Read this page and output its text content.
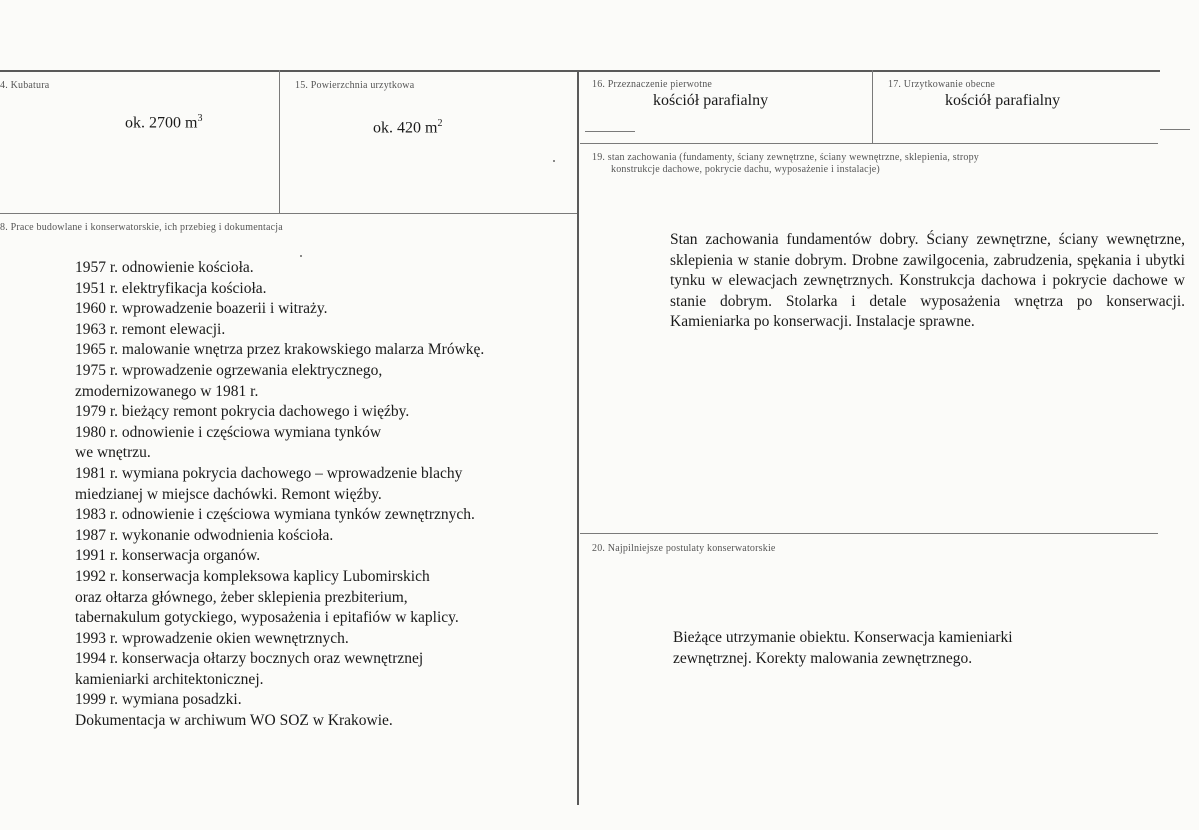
4. Kubatura
ok. 2700 $m^3$
15. Powierzchnia urzytkowa
ok. 420 $m^2$
16. Przeznaczenie pierwotne
kościół parafialny
17. Urzytkowanie obecne
kościół parafialny
19. stan zachowania (fundamenty, ściany zewnętrzne, ściany wewnętrzne, sklepienia, stropy
konstrukcje dachowe, pokrycie dachu, wyposażenie i instalacje)
Stan zachowania fundamentów dobry. Ściany zewnętrzne, ściany wewnętrzne, sklepienia w stanie dobrym. Drobne zawilgocenia, zabrudzenia, spękania i ubytki tynku w elewacjach zewnętrznych. Konstrukcja dachowa i pokrycie dachowe w stanie dobrym. Stolarka i detale wyposażenia wnętrza po konserwacji. Kamieniarka po konserwacji. Instalacje sprawne.
8. Prace budowlane i konserwatorskie, ich przebieg i dokumentacja
1957 r. odnowienie kościoła.
1951 r. elektryfikacja kościoła.
1960 r. wprowadzenie boazerii i witraży.
1963 r. remont elewacji.
1965 r. malowanie wnętrza przez krakowskiego malarza Mrówkę.
1975 r. wprowadzenie ogrzewania elektrycznego,
zmodernizowanego w 1981 r.
1979 r. bieżący remont pokrycia dachowego i więźby.
1980 r. odnowienie i częściowa wymiana tynków
we wnętrzu.
1981 r. wymiana pokrycia dachowego – wprowadzenie blachy
miedzianej w miejsce dachówki. Remont więźby.
1983 r. odnowienie i częściowa wymiana tynków zewnętrznych.
1987 r. wykonanie odwodnienia kościoła.
1991 r. konserwacja organów.
1992 r. konserwacja kompleksowa kaplicy Lubomirskich
oraz ołtarza głównego, żeber sklepienia prezbiterium,
tabernakulum gotyckiego, wyposażenia i epitafiów w kaplicy.
1993 r. wprowadzenie okien wewnętrznych.
1994 r. konserwacja ołtarzy bocznych oraz wewnętrznej
kamieniarki architektonicznej.
1999 r. wymiana posadzki.
Dokumentacja w archiwum WO SOZ w Krakowie.
20. Najpilniejsze postulaty konserwatorskie
Bieżące utrzymanie obiektu. Konserwacja kamieniarki
zewnętrznej. Korekty malowania zewnętrznego.
